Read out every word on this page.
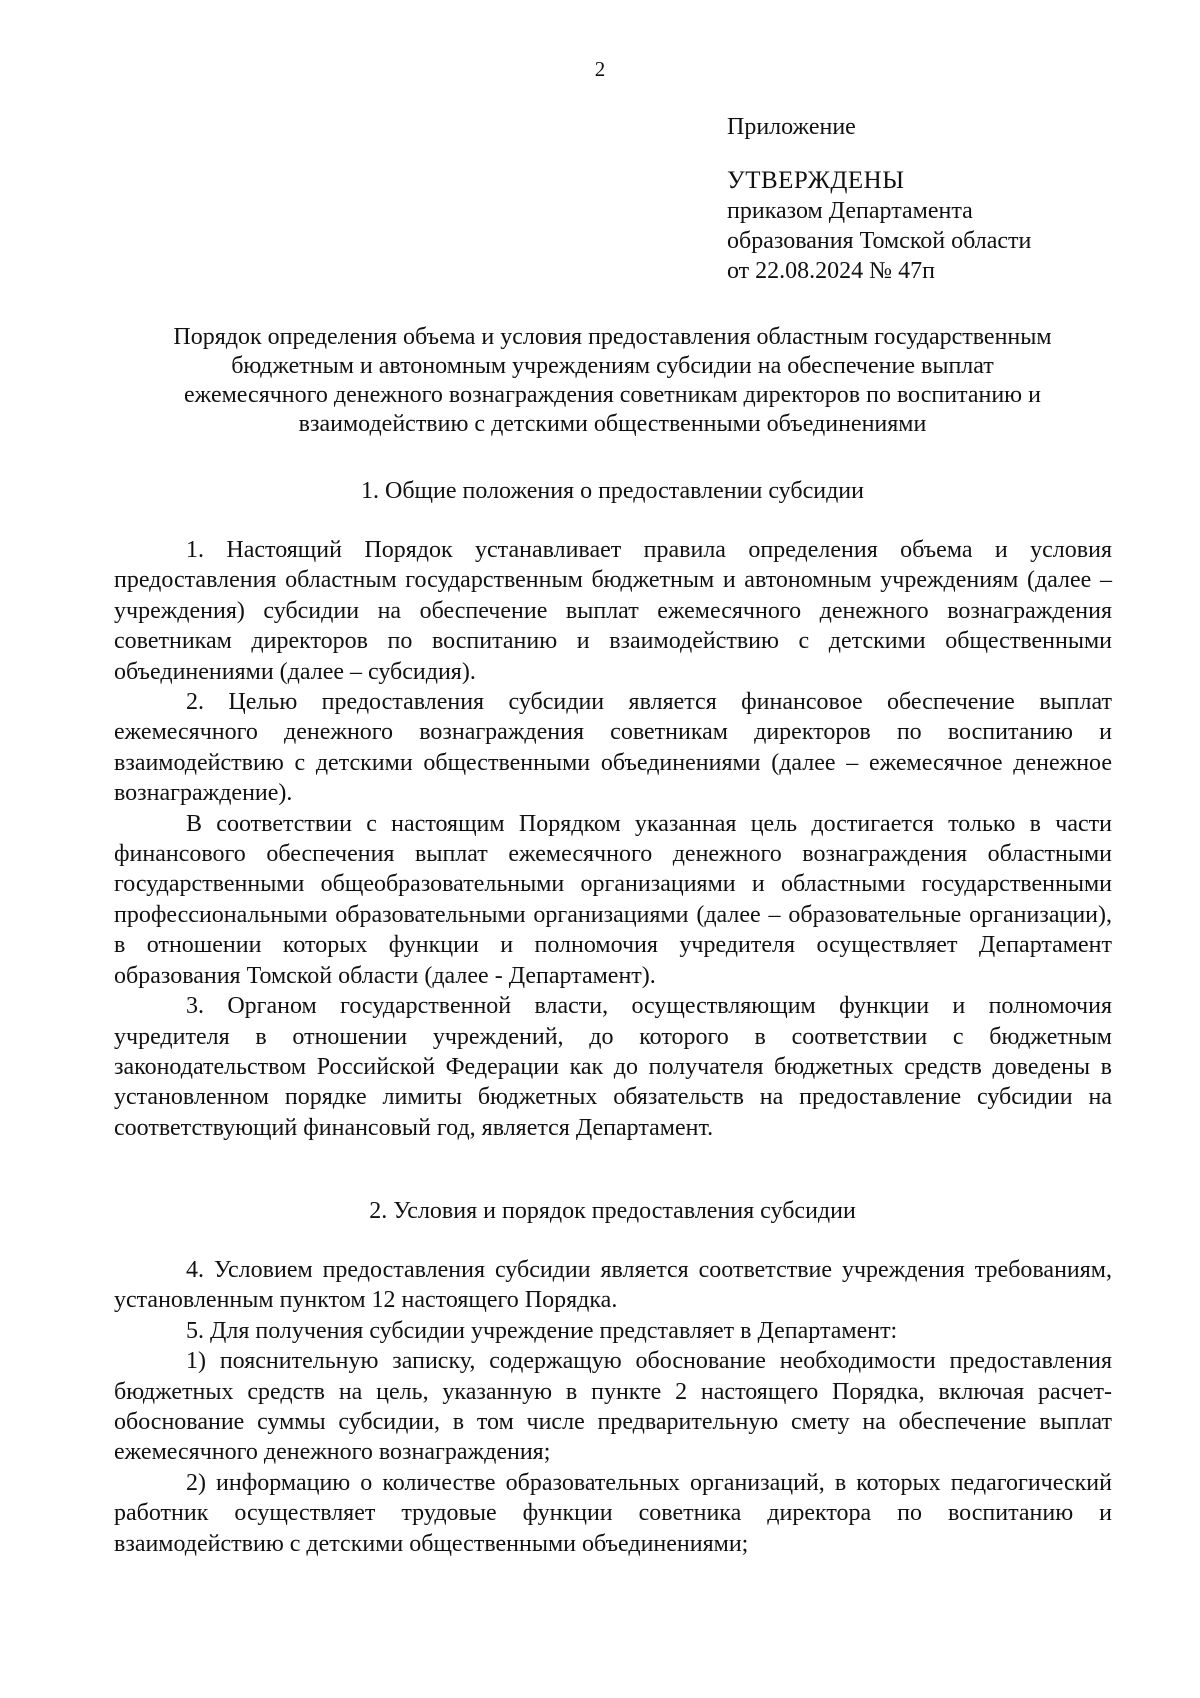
2
Приложение
УТВЕРЖДЕНЫ
приказом Департамента
образования Томской области
от 22.08.2024 № 47п
Порядок определения объема и условия предоставления областным государственным
бюджетным и автономным учреждениям субсидии на обеспечение выплат
ежемесячного денежного вознаграждения советникам директоров по воспитанию и
взаимодействию с детскими общественными объединениями
1. Общие положения о предоставлении субсидии

1. Настоящий Порядок устанавливает правила определения объема и условия предоставления областным государственным бюджетным и автономным учреждениям (далее – учреждения) субсидии на обеспечение выплат ежемесячного денежного вознаграждения советникам директоров по воспитанию и взаимодействию с детскими общественными объединениями (далее – субсидия).

2. Целью предоставления субсидии является финансовое обеспечение выплат ежемесячного денежного вознаграждения советникам директоров по воспитанию и взаимодействию с детскими общественными объединениями (далее – ежемесячное денежное вознаграждение).

В соответствии с настоящим Порядком указанная цель достигается только в части финансового обеспечения выплат ежемесячного денежного вознаграждения областными государственными общеобразовательными организациями и областными государственными профессиональными образовательными организациями (далее – образовательные организации), в отношении которых функции и полномочия учредителя осуществляет Департамент образования Томской области (далее - Департамент).

3. Органом государственной власти, осуществляющим функции и полномочия учредителя в отношении учреждений, до которого в соответствии с бюджетным законодательством Российской Федерации как до получателя бюджетных средств доведены в установленном порядке лимиты бюджетных обязательств на предоставление субсидии на соответствующий финансовый год, является Департамент.

2. Условия и порядок предоставления субсидии

4. Условием предоставления субсидии является соответствие учреждения требованиям, установленным пунктом 12 настоящего Порядка.

5. Для получения субсидии учреждение представляет в Департамент:

1) пояснительную записку, содержащую обоснование необходимости предоставления бюджетных средств на цель, указанную в пункте 2 настоящего Порядка, включая расчет-обоснование суммы субсидии, в том числе предварительную смету на обеспечение выплат ежемесячного денежного вознаграждения;

2) информацию о количестве образовательных организаций, в которых педагогический работник осуществляет трудовые функции советника директора по воспитанию и взаимодействию с детскими общественными объединениями;
